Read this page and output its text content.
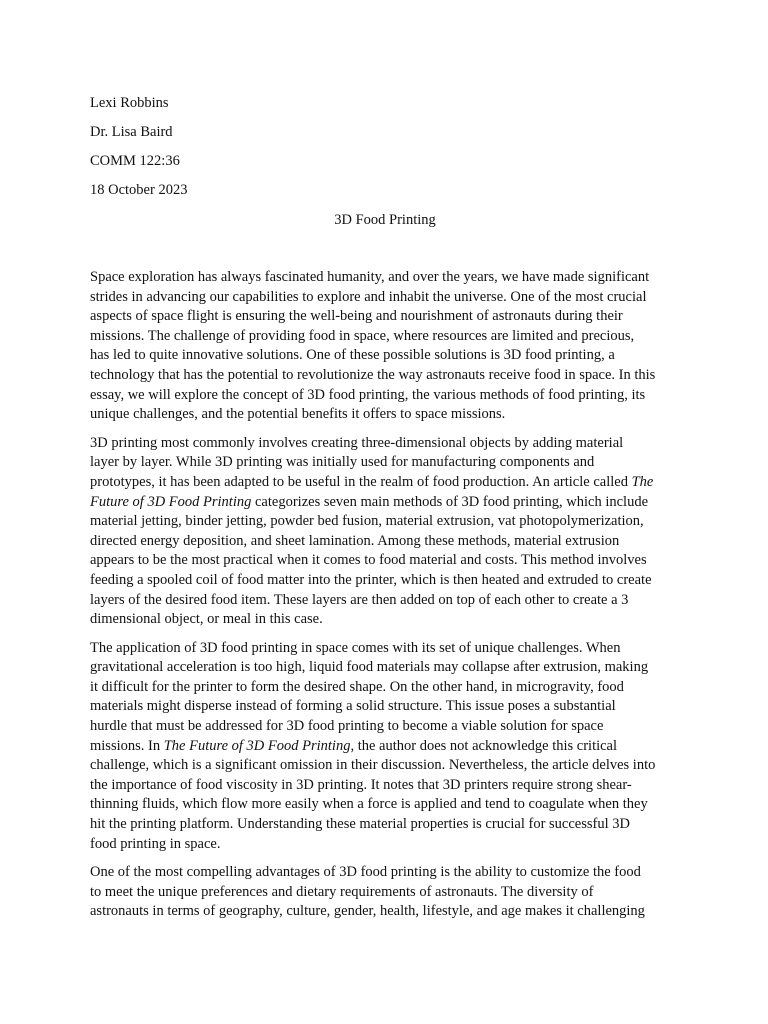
Lexi Robbins
Dr. Lisa Baird
COMM 122:36
18 October 2023
3D Food Printing

Space exploration has always fascinated humanity, and over the years, we have made significant
strides in advancing our capabilities to explore and inhabit the universe. One of the most crucial
aspects of space flight is ensuring the well-being and nourishment of astronauts during their
missions. The challenge of providing food in space, where resources are limited and precious,
has led to quite innovative solutions. One of these possible solutions is 3D food printing, a
technology that has the potential to revolutionize the way astronauts receive food in space. In this
essay, we will explore the concept of 3D food printing, the various methods of food printing, its
unique challenges, and the potential benefits it offers to space missions.

3D printing most commonly involves creating three-dimensional objects by adding material
layer by layer. While 3D printing was initially used for manufacturing components and
prototypes, it has been adapted to be useful in the realm of food production. An article called The
Future of 3D Food Printing categorizes seven main methods of 3D food printing, which include
material jetting, binder jetting, powder bed fusion, material extrusion, vat photopolymerization,
directed energy deposition, and sheet lamination. Among these methods, material extrusion
appears to be the most practical when it comes to food material and costs. This method involves
feeding a spooled coil of food matter into the printer, which is then heated and extruded to create
layers of the desired food item. These layers are then added on top of each other to create a 3
dimensional object, or meal in this case.

The application of 3D food printing in space comes with its set of unique challenges. When
gravitational acceleration is too high, liquid food materials may collapse after extrusion, making
it difficult for the printer to form the desired shape. On the other hand, in microgravity, food
materials might disperse instead of forming a solid structure. This issue poses a substantial
hurdle that must be addressed for 3D food printing to become a viable solution for space
missions. In The Future of 3D Food Printing, the author does not acknowledge this critical
challenge, which is a significant omission in their discussion. Nevertheless, the article delves into
the importance of food viscosity in 3D printing. It notes that 3D printers require strong shear-
thinning fluids, which flow more easily when a force is applied and tend to coagulate when they
hit the printing platform. Understanding these material properties is crucial for successful 3D
food printing in space.

One of the most compelling advantages of 3D food printing is the ability to customize the food
to meet the unique preferences and dietary requirements of astronauts. The diversity of
astronauts in terms of geography, culture, gender, health, lifestyle, and age makes it challenging
